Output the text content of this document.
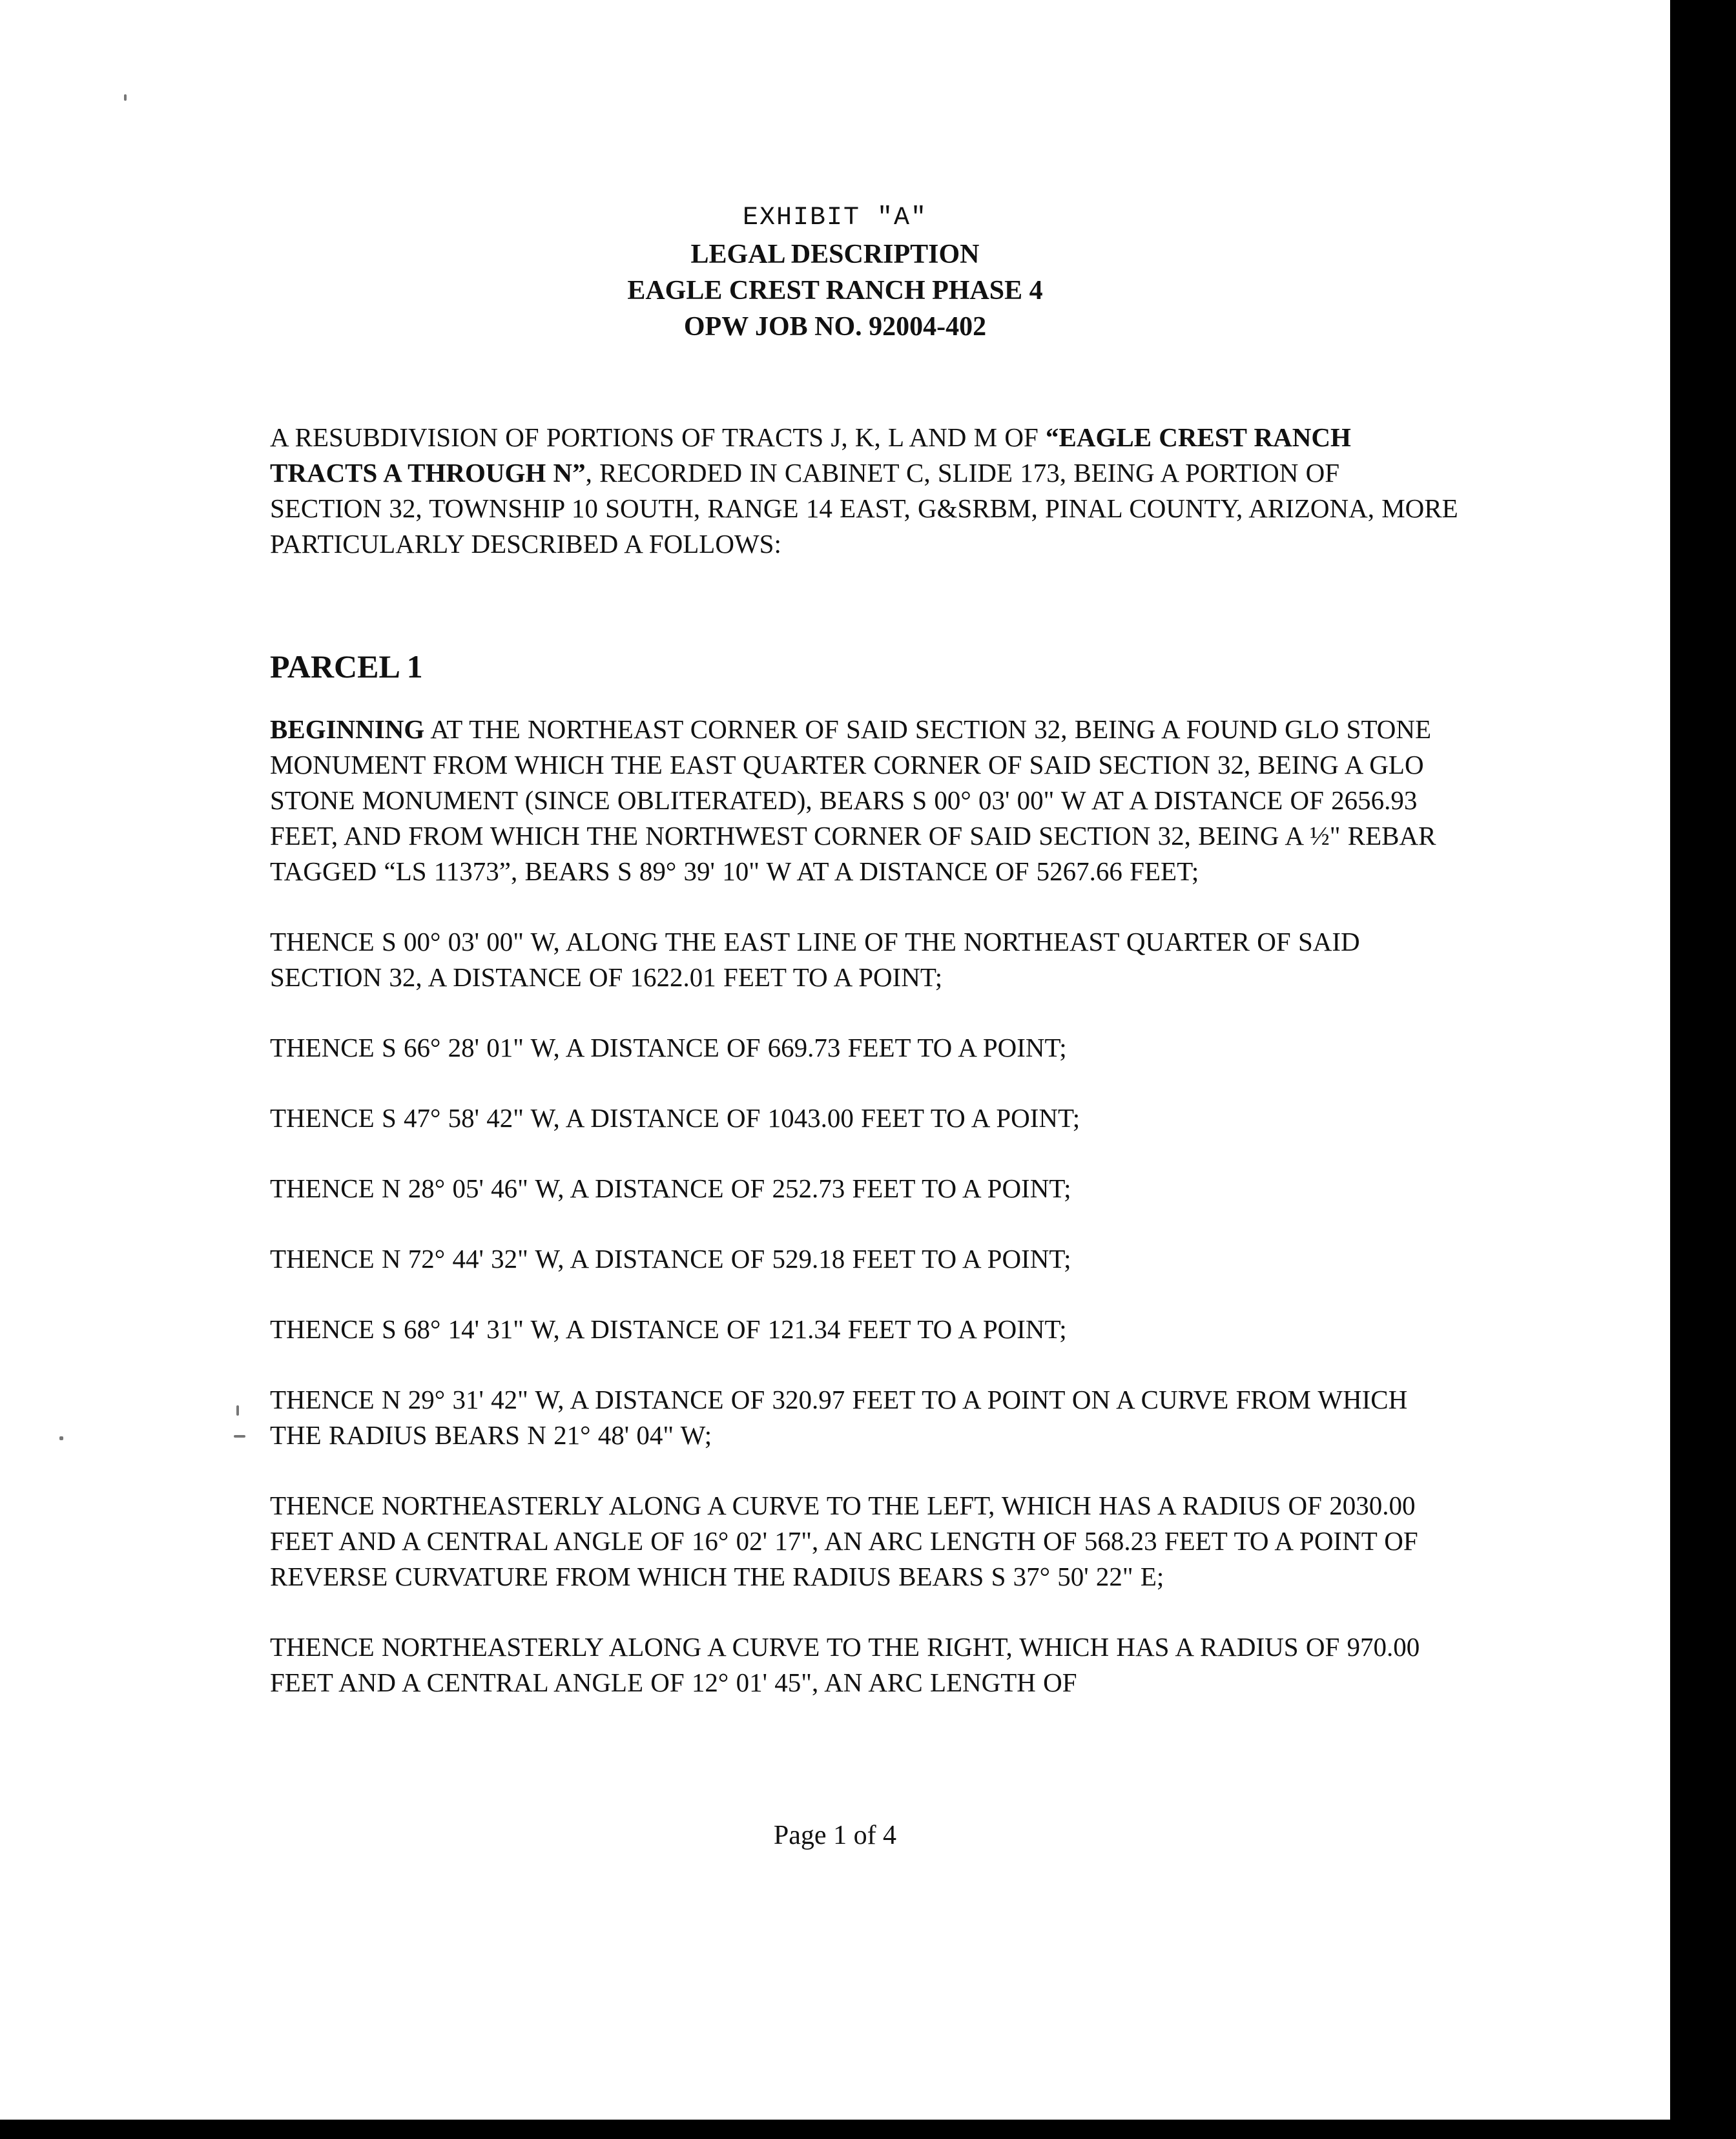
EXHIBIT "A"
LEGAL DESCRIPTION
EAGLE CREST RANCH PHASE 4
OPW JOB NO. 92004-402

A RESUBDIVISION OF PORTIONS OF TRACTS J, K, L AND M OF “EAGLE CREST RANCH TRACTS A THROUGH N”, RECORDED IN CABINET C, SLIDE 173, BEING A PORTION OF SECTION 32, TOWNSHIP 10 SOUTH, RANGE 14 EAST, G&SRBM, PINAL COUNTY, ARIZONA, MORE PARTICULARLY DESCRIBED A FOLLOWS:

PARCEL 1

BEGINNING AT THE NORTHEAST CORNER OF SAID SECTION 32, BEING A FOUND GLO STONE MONUMENT FROM WHICH THE EAST QUARTER CORNER OF SAID SECTION 32, BEING A GLO STONE MONUMENT (SINCE OBLITERATED), BEARS S 00° 03' 00" W AT A DISTANCE OF 2656.93 FEET, AND FROM WHICH THE NORTHWEST CORNER OF SAID SECTION 32, BEING A ½" REBAR TAGGED “LS 11373”, BEARS S 89° 39' 10" W AT A DISTANCE OF 5267.66 FEET;

THENCE S 00° 03' 00" W, ALONG THE EAST LINE OF THE NORTHEAST QUARTER OF SAID SECTION 32, A DISTANCE OF 1622.01 FEET TO A POINT;

THENCE S 66° 28' 01" W, A DISTANCE OF 669.73 FEET TO A POINT;

THENCE S 47° 58' 42" W, A DISTANCE OF 1043.00 FEET TO A POINT;

THENCE N 28° 05' 46" W, A DISTANCE OF 252.73 FEET TO A POINT;

THENCE N 72° 44' 32" W, A DISTANCE OF 529.18 FEET TO A POINT;

THENCE S 68° 14' 31" W, A DISTANCE OF 121.34 FEET TO A POINT;

THENCE N 29° 31' 42" W, A DISTANCE OF 320.97 FEET TO A POINT ON A CURVE FROM WHICH THE RADIUS BEARS N 21° 48' 04" W;

THENCE NORTHEASTERLY ALONG A CURVE TO THE LEFT, WHICH HAS A RADIUS OF 2030.00 FEET AND A CENTRAL ANGLE OF 16° 02' 17", AN ARC LENGTH OF 568.23 FEET TO A POINT OF REVERSE CURVATURE FROM WHICH THE RADIUS BEARS S 37° 50' 22" E;

THENCE NORTHEASTERLY ALONG A CURVE TO THE RIGHT, WHICH HAS A RADIUS OF 970.00 FEET AND A CENTRAL ANGLE OF 12° 01' 45", AN ARC LENGTH OF

Page 1 of 4
